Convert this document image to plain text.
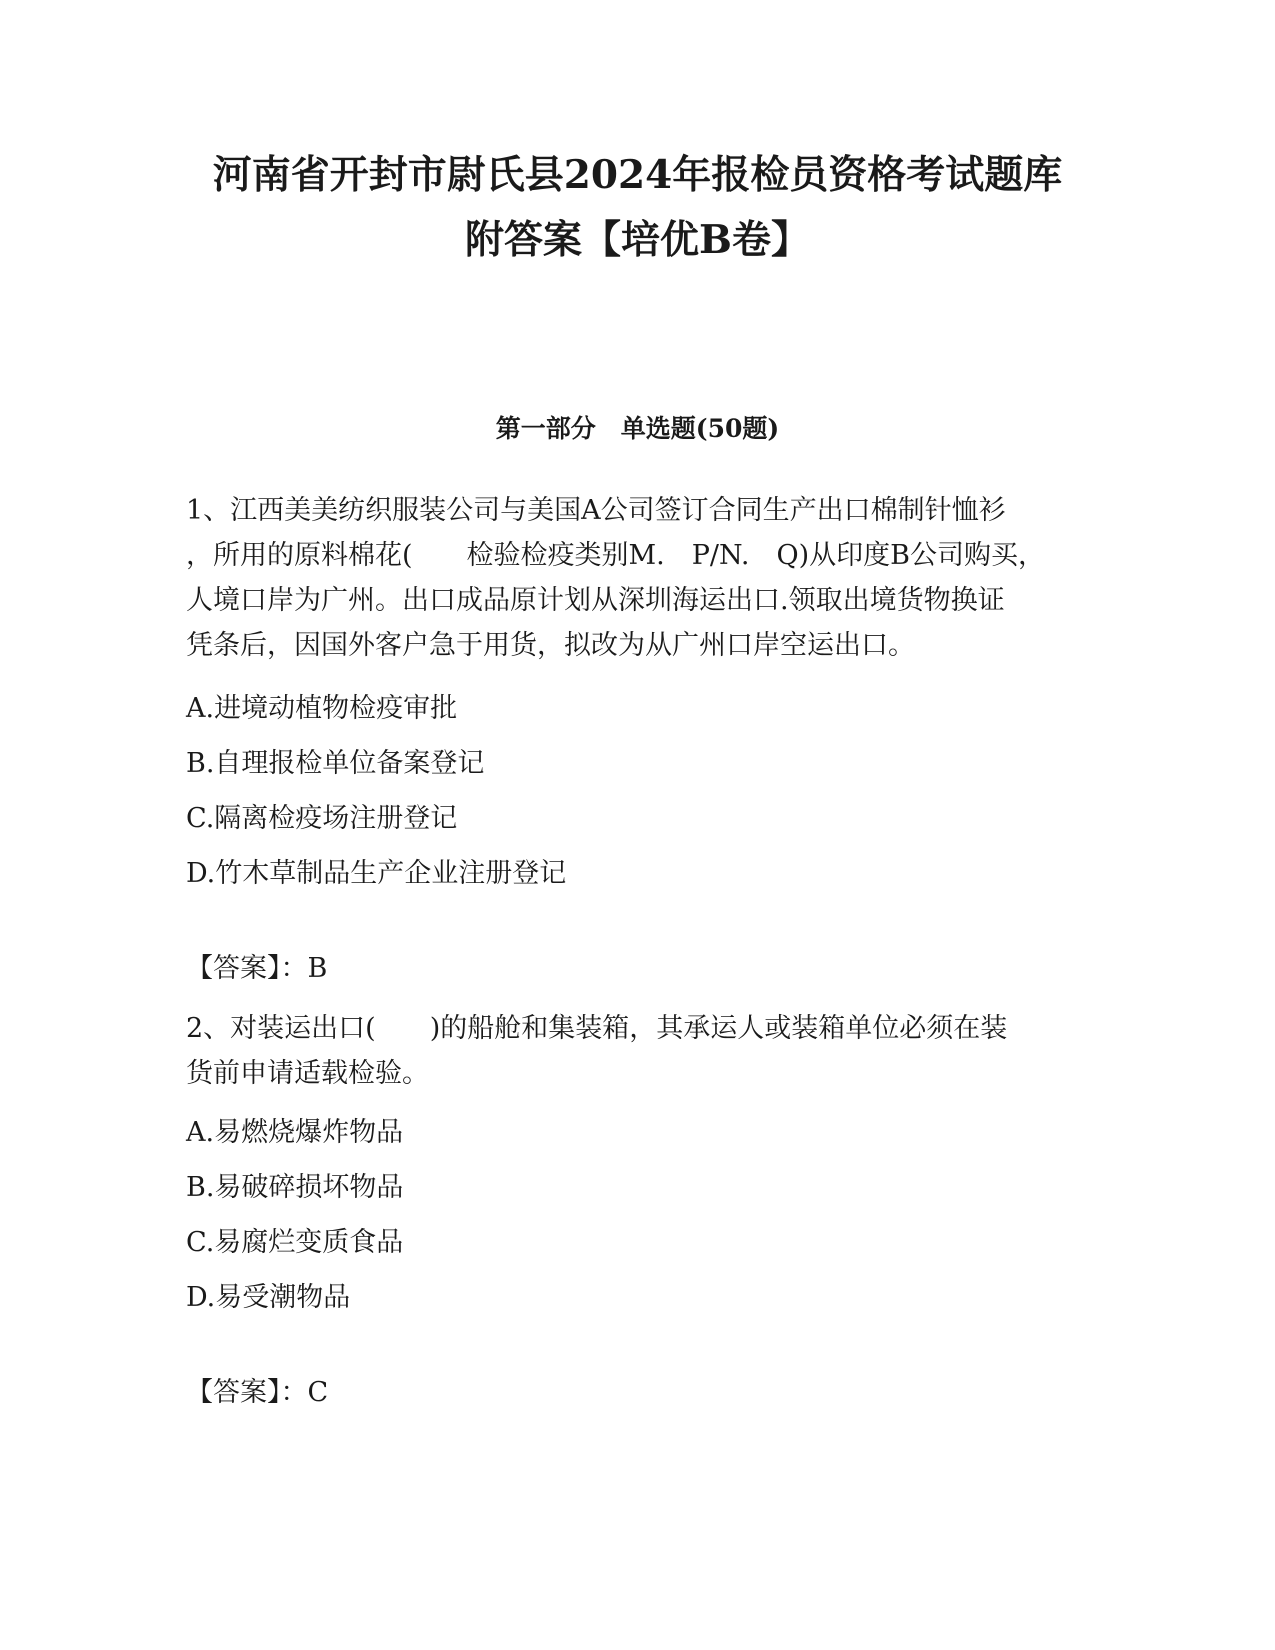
河南省开封市尉氏县2024年报检员资格考试题库
附答案【培优B卷】
第一部分　单选题(50题)
1、江西美美纺织服装公司与美国A公司签订合同生产出口棉制针恤衫
，所用的原料棉花(　　检验检疫类别M.　P/N.　Q)从印度B公司购买，
人境口岸为广州。出口成品原计划从深圳海运出口.领取出境货物换证
凭条后，因国外客户急于用货，拟改为从广州口岸空运出口。
A.进境动植物检疫审批
B.自理报检单位备案登记
C.隔离检疫场注册登记
D.竹木草制品生产企业注册登记
【答案】：B
2、对装运出口(　　)的船舱和集装箱，其承运人或装箱单位必须在装
货前申请适载检验。
A.易燃烧爆炸物品
B.易破碎损坏物品
C.易腐烂变质食品
D.易受潮物品
【答案】：C
